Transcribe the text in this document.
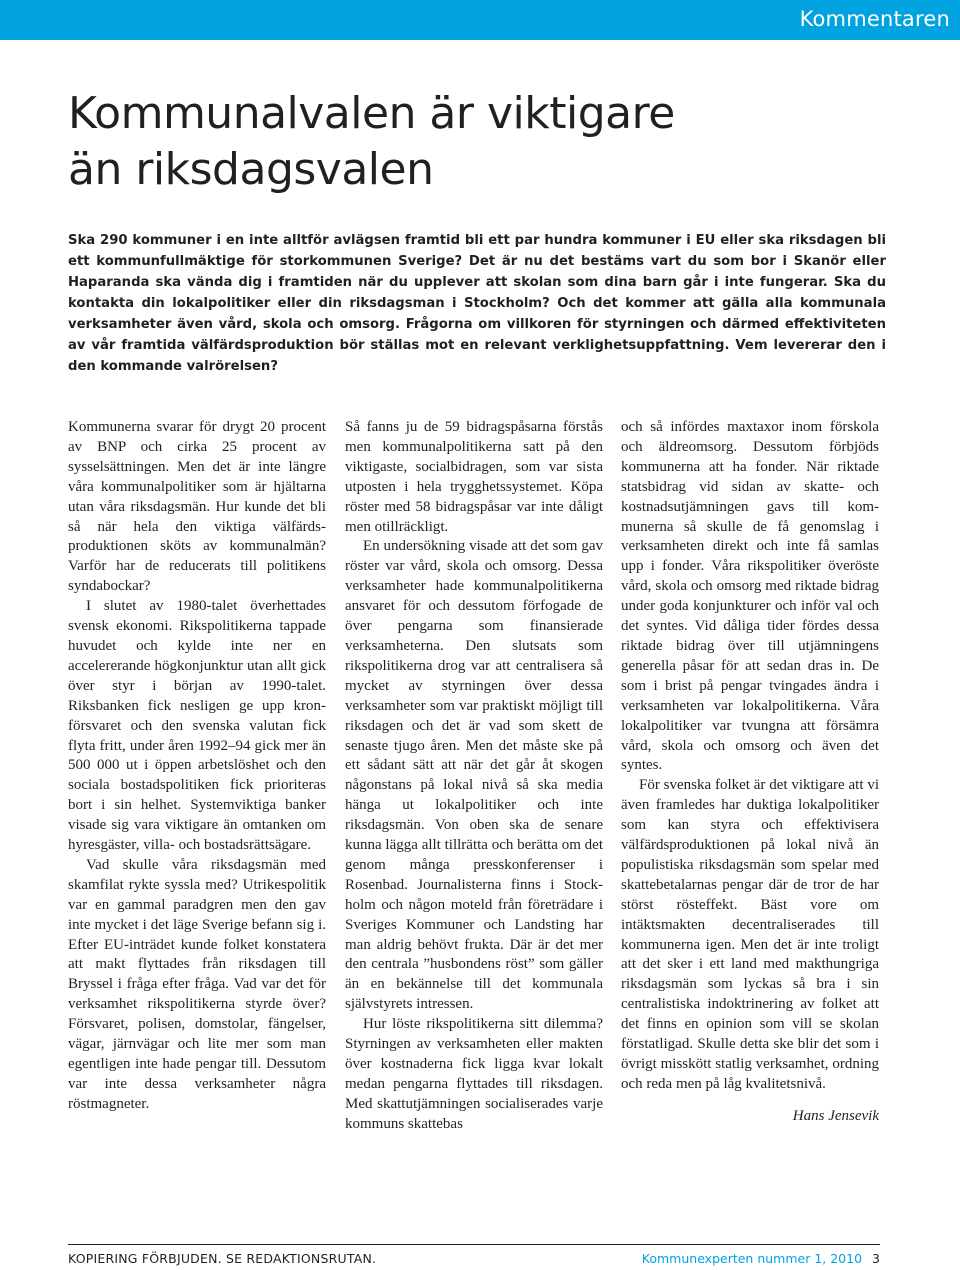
Kommentaren
Kommunalvalen är viktigare
än riksdagsvalen

Ska 290 kommuner i en inte alltför avlägsen framtid bli ett par hundra kommuner i EU eller ska riksdagen bli ett kommunfullmäktige för storkommunen Sverige? Det är nu det bestäms vart du som bor i Skanör eller Haparanda ska vända dig i framtiden när du upplever att skolan som dina barn går i inte fungerar. Ska du kontakta din lokalpolitiker eller din riksdagsman i Stockholm? Och det kommer att gälla alla kommunala verksamheter även vård, skola och omsorg. Frågorna om villkoren för styrningen och därmed effektiviteten av vår framtida välfärdsproduktion bör ställas mot en relevant verklighetsuppfattning. Vem levererar den i den kommande valrörelsen?

Kommunerna svarar för drygt 20 procent av BNP och cirka 25 procent av sysselsättningen. Men det är inte längre våra kommunalpolitiker som är hjältarna utan våra riksdagsmän. Hur kunde det bli så när hela den viktiga välfärdsproduktionen sköts av kommunalmän? Varför har de reducerats till politikens syndabockar?

I slutet av 1980-talet överhettades svensk ekonomi. Rikspolitikerna tappade huvudet och kylde inte ner en accelererande högkonjunktur utan allt gick över styr i början av 1990-talet. Riksbanken fick nesligen ge upp kronförsvaret och den svenska valutan fick flyta fritt, under åren 1992–94 gick mer än 500 000 ut i öppen arbetslöshet och den sociala bostadspolitiken fick prioriteras bort i sin helhet. Systemviktiga banker visade sig vara viktigare än omtanken om hyresgäster, villa- och bostadsrättsägare.

Vad skulle våra riksdagsmän med skamfilat rykte syssla med? Utrikespolitik var en gammal paradgren men den gav inte mycket i det läge Sverige befann sig i. Efter EU-inträdet kunde folket konstatera att makt flyttades från riksdagen till Bryssel i fråga efter fråga. Vad var det för verksamhet rikspolitikerna styrde över? Försvaret, polisen, domstolar, fängelser, vägar, järnvägar och lite mer som man egentligen inte hade pengar till. Dessutom var inte dessa verksamheter några röstmagneter.

Så fanns ju de 59 bidragspåsarna förstås men kommunalpolitikerna satt på den viktigaste, socialbidragen, som var sista utposten i hela trygghetssystemet. Köpa röster med 58 bidragspåsar var inte dåligt men otillräckligt.

En undersökning visade att det som gav röster var vård, skola och omsorg. Dessa verksamheter hade kommunalpolitikerna ansvaret för och dessutom förfogade de över pengarna som finansierade verksamheterna. Den slutsats som rikspolitikerna drog var att centralisera så mycket av styrningen över dessa verksamheter som var praktiskt möjligt till riksdagen och det är vad som skett de senaste tjugo åren. Men det måste ske på ett sådant sätt att när det går åt skogen någonstans på lokal nivå så ska media hänga ut lokalpolitiker och inte riksdagsmän. Von oben ska de senare kunna lägga allt tillrätta och berätta om det genom många presskonferenser i Rosenbad. Journalisterna finns i Stockholm och någon moteld från företrädare i Sveriges Kommuner och Landsting har man aldrig behövt frukta. Där är det mer den centrala ”husbondens röst” som gäller än en bekännelse till det kommunala självstyrets intressen.

Hur löste rikspolitikerna sitt dilemma? Styrningen av verksamheten eller makten över kostnaderna fick ligga kvar lokalt medan pengarna flyttades till riksdagen. Med skattutjämningen socialiserades varje kommuns skattebas

och så infördes maxtaxor inom förskola och äldreomsorg. Dessutom förbjöds kommunerna att ha fonder. När riktade statsbidrag vid sidan av skatte- och kostnadsutjämningen gavs till kommunerna så skulle de få genomslag i verksamheten direkt och inte få samlas upp i fonder. Våra rikspolitiker överöste vård, skola och omsorg med riktade bidrag under goda konjunkturer och inför val och det syntes. Vid dåliga tider fördes dessa riktade bidrag över till utjämningens generella påsar för att sedan dras in. De som i brist på pengar tvingades ändra i verksamheten var lokalpolitikerna. Våra lokalpolitiker var tvungna att försämra vård, skola och omsorg och även det syntes.

För svenska folket är det viktigare att vi även framledes har duktiga lokalpolitiker som kan styra och effektivisera välfärdsproduktionen på lokal nivå än populistiska riksdagsmän som spelar med skattebetalarnas pengar där de tror de har störst rösteffekt. Bäst vore om intäktsmakten decentraliserades till kommunerna igen. Men det är inte troligt att det sker i ett land med makthungriga riksdagsmän som lyckas så bra i sin centralistiska indoktrinering av folket att det finns en opinion som vill se skolan förstatligad. Skulle detta ske blir det som i övrigt misskött statlig verksamhet, ordning och reda men på låg kvalitetsnivå.

Hans Jensevik
KOPIERING FÖRBJUDEN. SE REDAKTIONSRUTAN.	Kommunexperten nummer 1, 2010 3
